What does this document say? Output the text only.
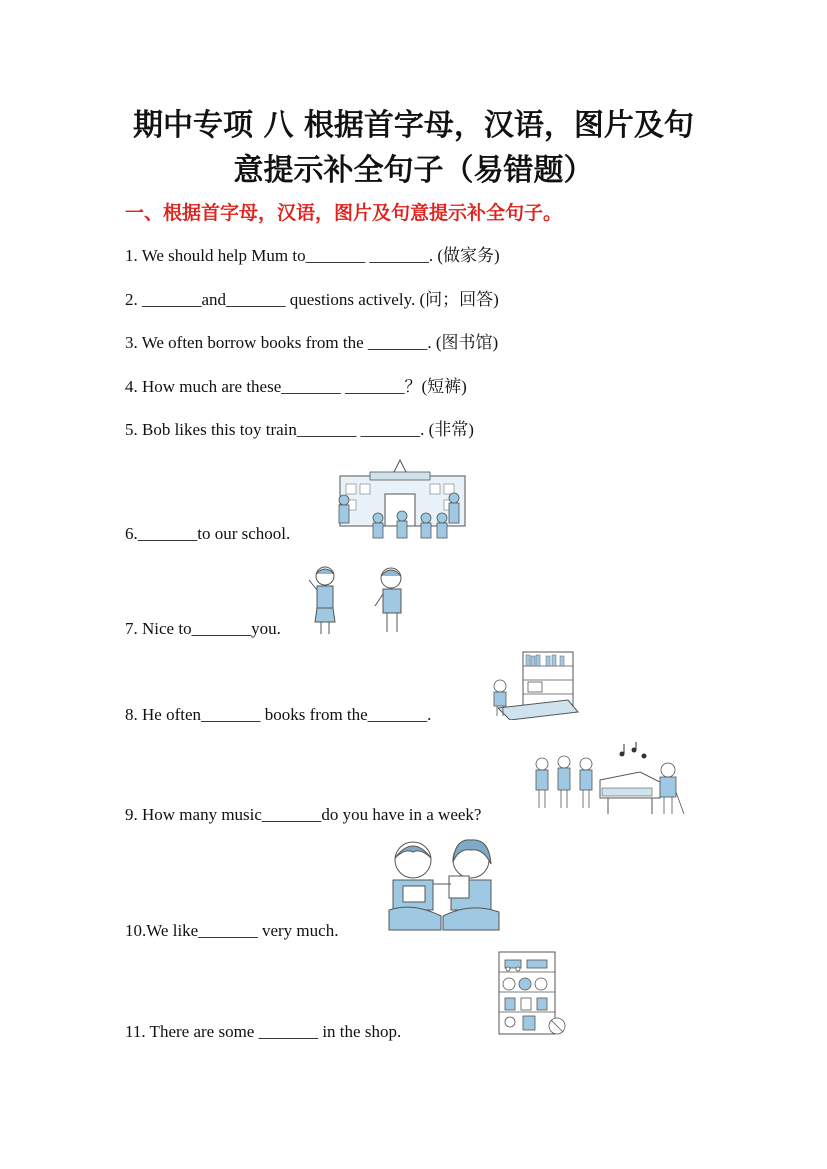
期中专项 八 根据首字母，汉语，图片及句
意提示补全句子（易错题）
一、根据首字母，汉语，图片及句意提示补全句子。
1. We should help Mum to_______ _______. (做家务)
2. _______and_______ questions actively. (问；回答)
3. We often borrow books from the _______. (图书馆)
4. How much are these_______ _______？(短裤)
5. Bob likes this toy train_______ _______. (非常)
6._______to our school.
7. Nice to_______you.
8. He often_______ books from the_______.
9. How many music_______do you have in a week?
10.We like_______ very much.
11. There are some _______ in the shop.
